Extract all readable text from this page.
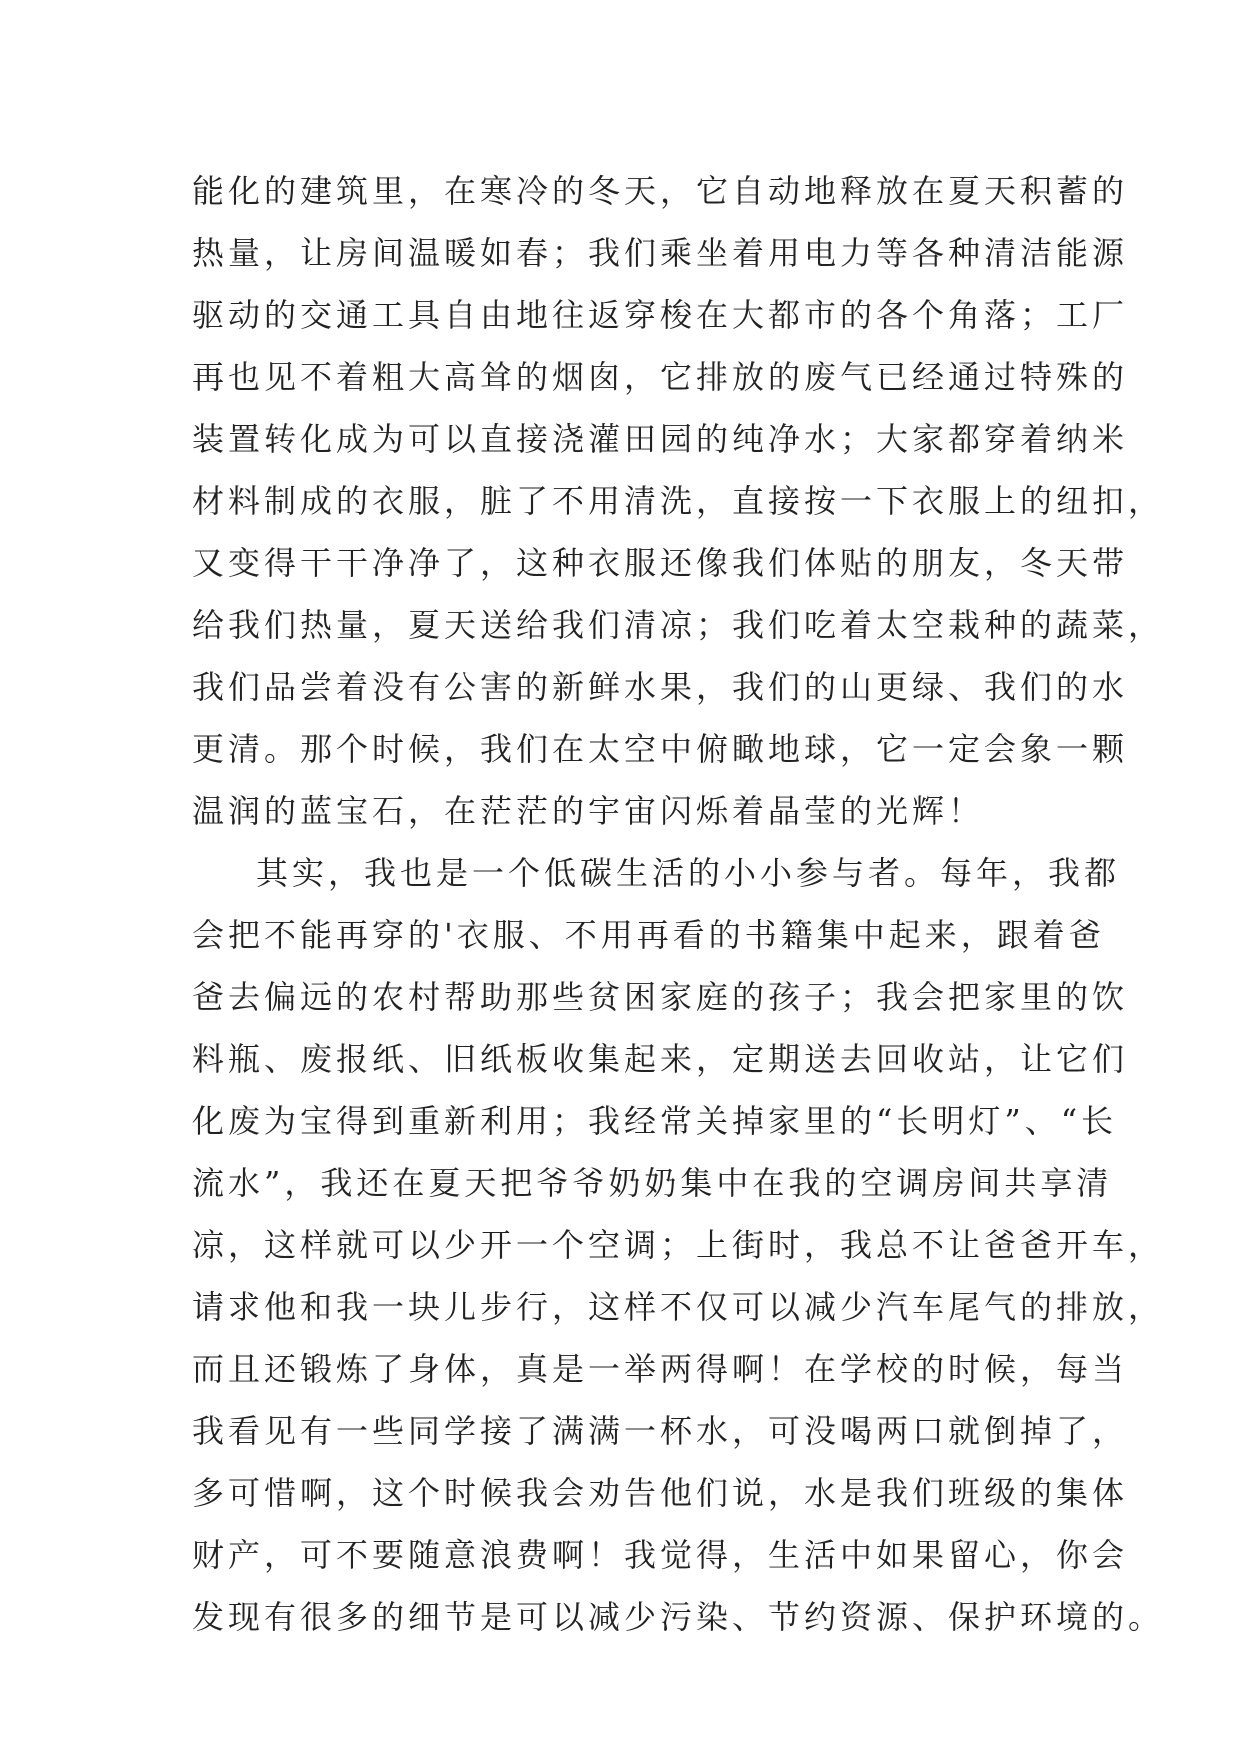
能化的建筑里，在寒冷的冬天，它自动地释放在夏天积蓄的
热量，让房间温暖如春；我们乘坐着用电力等各种清洁能源
驱动的交通工具自由地往返穿梭在大都市的各个角落；工厂
再也见不着粗大高耸的烟囱，它排放的废气已经通过特殊的
装置转化成为可以直接浇灌田园的纯净水；大家都穿着纳米
材料制成的衣服，脏了不用清洗，直接按一下衣服上的纽扣，
又变得干干净净了，这种衣服还像我们体贴的朋友，冬天带
给我们热量，夏天送给我们清凉；我们吃着太空栽种的蔬菜，
我们品尝着没有公害的新鲜水果，我们的山更绿、我们的水
更清。那个时候，我们在太空中俯瞰地球，它一定会象一颗
温润的蓝宝石，在茫茫的宇宙闪烁着晶莹的光辉！
其实，我也是一个低碳生活的小小参与者。每年，我都
会把不能再穿的'衣服、不用再看的书籍集中起来，跟着爸
爸去偏远的农村帮助那些贫困家庭的孩子；我会把家里的饮
料瓶、废报纸、旧纸板收集起来，定期送去回收站，让它们
化废为宝得到重新利用；我经常关掉家里的“长明灯”、“长
流水”，我还在夏天把爷爷奶奶集中在我的空调房间共享清
凉，这样就可以少开一个空调；上街时，我总不让爸爸开车，
请求他和我一块儿步行，这样不仅可以减少汽车尾气的排放，
而且还锻炼了身体，真是一举两得啊！在学校的时候，每当
我看见有一些同学接了满满一杯水，可没喝两口就倒掉了，
多可惜啊，这个时候我会劝告他们说，水是我们班级的集体
财产，可不要随意浪费啊！我觉得，生活中如果留心，你会
发现有很多的细节是可以减少污染、节约资源、保护环境的。
